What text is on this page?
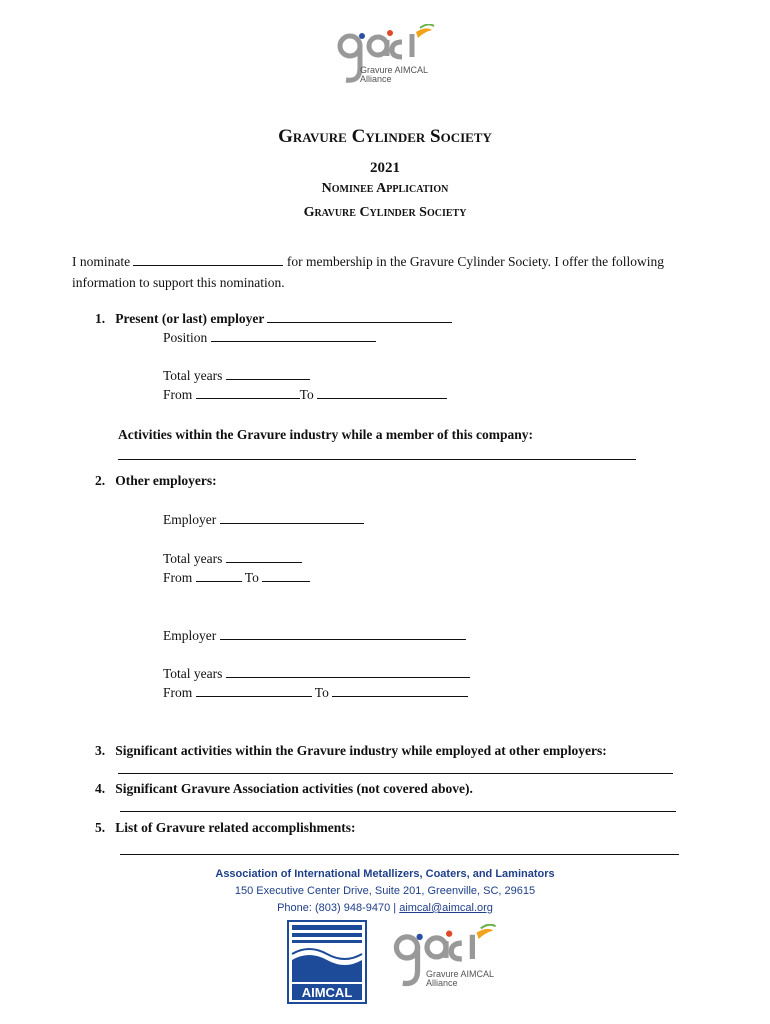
Gravure AIMCAL
Alliance
Gravure Cylinder Society
2021
Nominee Application
Gravure Cylinder Society
I nominate	for membership in the Gravure Cylinder Society. I offer the following information to support this nomination.
1. Present (or last) employer
Position
Total years
From	To
Activities within the Gravure industry while a member of this company:
2. Other employers:
Employer
Total years
From	To
Employer
Total years
From	To
3. Significant activities within the Gravure industry while employed at other employers:
4. Significant Gravure Association activities (not covered above).
5. List of Gravure related accomplishments:
Association of International Metallizers, Coaters, and Laminators
150 Executive Center Drive, Suite 201, Greenville, SC, 29615
Phone: (803) 948-9470 | aimcal@aimcal.org
AIMCAL
Gravure AIMCAL
Alliance
